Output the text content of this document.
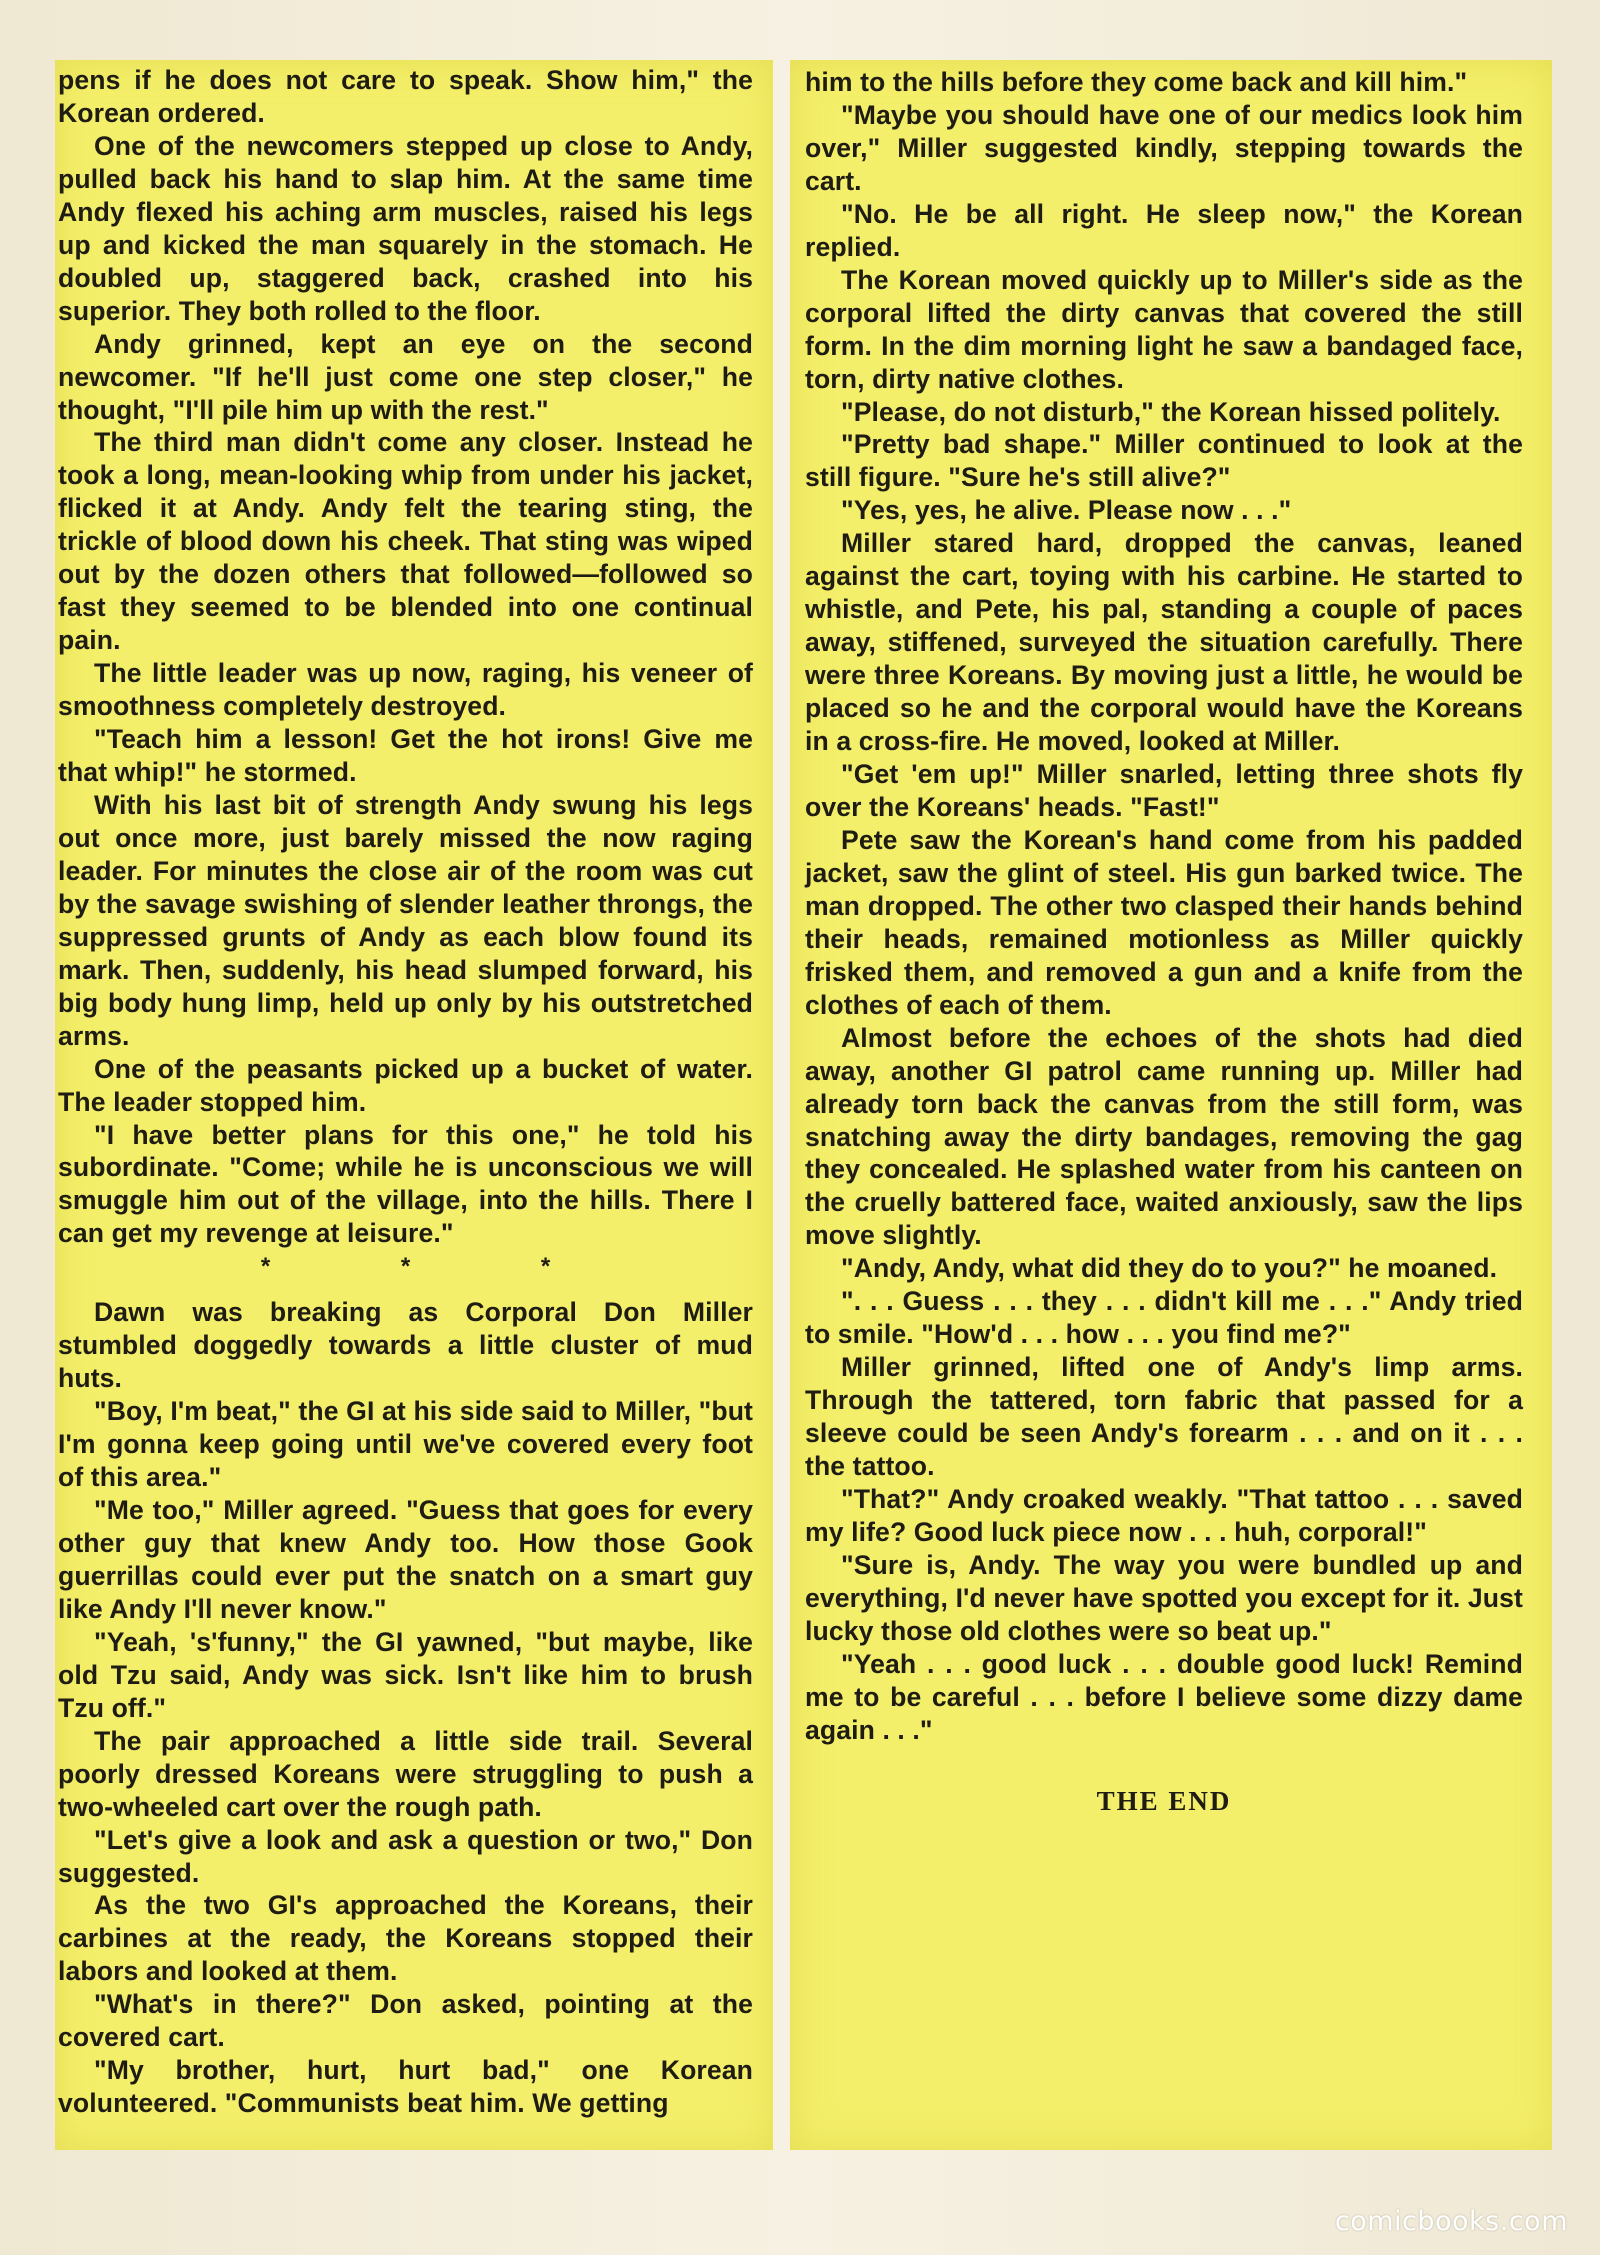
pens if he does not care to speak. Show him," the Korean ordered.

One of the newcomers stepped up close to Andy, pulled back his hand to slap him. At the same time Andy flexed his aching arm muscles, raised his legs up and kicked the man squarely in the stomach. He doubled up, staggered back, crashed into his superior. They both rolled to the floor.

Andy grinned, kept an eye on the second newcomer. "If he'll just come one step closer," he thought, "I'll pile him up with the rest."

The third man didn't come any closer. Instead he took a long, mean-looking whip from under his jacket, flicked it at Andy. Andy felt the tearing sting, the trickle of blood down his cheek. That sting was wiped out by the dozen others that followed—followed so fast they seemed to be blended into one continual pain.

The little leader was up now, raging, his veneer of smoothness completely destroyed.

"Teach him a lesson! Get the hot irons! Give me that whip!" he stormed.

With his last bit of strength Andy swung his legs out once more, just barely missed the now raging leader. For minutes the close air of the room was cut by the savage swishing of slender leather throngs, the suppressed grunts of Andy as each blow found its mark. Then, suddenly, his head slumped forward, his big body hung limp, held up only by his outstretched arms.

One of the peasants picked up a bucket of water. The leader stopped him.

"I have better plans for this one," he told his subordinate. "Come; while he is unconscious we will smuggle him out of the village, into the hills. There I can get my revenge at leisure."

* * *

Dawn was breaking as Corporal Don Miller stumbled doggedly towards a little cluster of mud huts.

"Boy, I'm beat," the GI at his side said to Miller, "but I'm gonna keep going until we've covered every foot of this area."

"Me too," Miller agreed. "Guess that goes for every other guy that knew Andy too. How those Gook guerrillas could ever put the snatch on a smart guy like Andy I'll never know."

"Yeah, 's'funny," the GI yawned, "but maybe, like old Tzu said, Andy was sick. Isn't like him to brush Tzu off."

The pair approached a little side trail. Several poorly dressed Koreans were struggling to push a two-wheeled cart over the rough path.

"Let's give a look and ask a question or two," Don suggested.

As the two GI's approached the Koreans, their carbines at the ready, the Koreans stopped their labors and looked at them.

"What's in there?" Don asked, pointing at the covered cart.

"My brother, hurt, hurt bad," one Korean volunteered. "Communists beat him. We getting

him to the hills before they come back and kill him."

"Maybe you should have one of our medics look him over," Miller suggested kindly, stepping towards the cart.

"No. He be all right. He sleep now," the Korean replied.

The Korean moved quickly up to Miller's side as the corporal lifted the dirty canvas that covered the still form. In the dim morning light he saw a bandaged face, torn, dirty native clothes.

"Please, do not disturb," the Korean hissed politely.

"Pretty bad shape." Miller continued to look at the still figure. "Sure he's still alive?"

"Yes, yes, he alive. Please now . . ."

Miller stared hard, dropped the canvas, leaned against the cart, toying with his carbine. He started to whistle, and Pete, his pal, standing a couple of paces away, stiffened, surveyed the situation carefully. There were three Koreans. By moving just a little, he would be placed so he and the corporal would have the Koreans in a cross-fire. He moved, looked at Miller.

"Get 'em up!" Miller snarled, letting three shots fly over the Koreans' heads. "Fast!"

Pete saw the Korean's hand come from his padded jacket, saw the glint of steel. His gun barked twice. The man dropped. The other two clasped their hands behind their heads, remained motionless as Miller quickly frisked them, and removed a gun and a knife from the clothes of each of them.

Almost before the echoes of the shots had died away, another GI patrol came running up. Miller had already torn back the canvas from the still form, was snatching away the dirty bandages, removing the gag they concealed. He splashed water from his canteen on the cruelly battered face, waited anxiously, saw the lips move slightly.

"Andy, Andy, what did they do to you?" he moaned.

". . . Guess . . . they . . . didn't kill me . . ." Andy tried to smile. "How'd . . . how . . . you find me?"

Miller grinned, lifted one of Andy's limp arms. Through the tattered, torn fabric that passed for a sleeve could be seen Andy's forearm . . . and on it . . . the tattoo.

"That?" Andy croaked weakly. "That tattoo . . . saved my life? Good luck piece now . . . huh, corporal!"

"Sure is, Andy. The way you were bundled up and everything, I'd never have spotted you except for it. Just lucky those old clothes were so beat up."

"Yeah . . . good luck . . . double good luck! Remind me to be careful . . . before I believe some dizzy dame again . . ."

THE END
comicbooks.com
